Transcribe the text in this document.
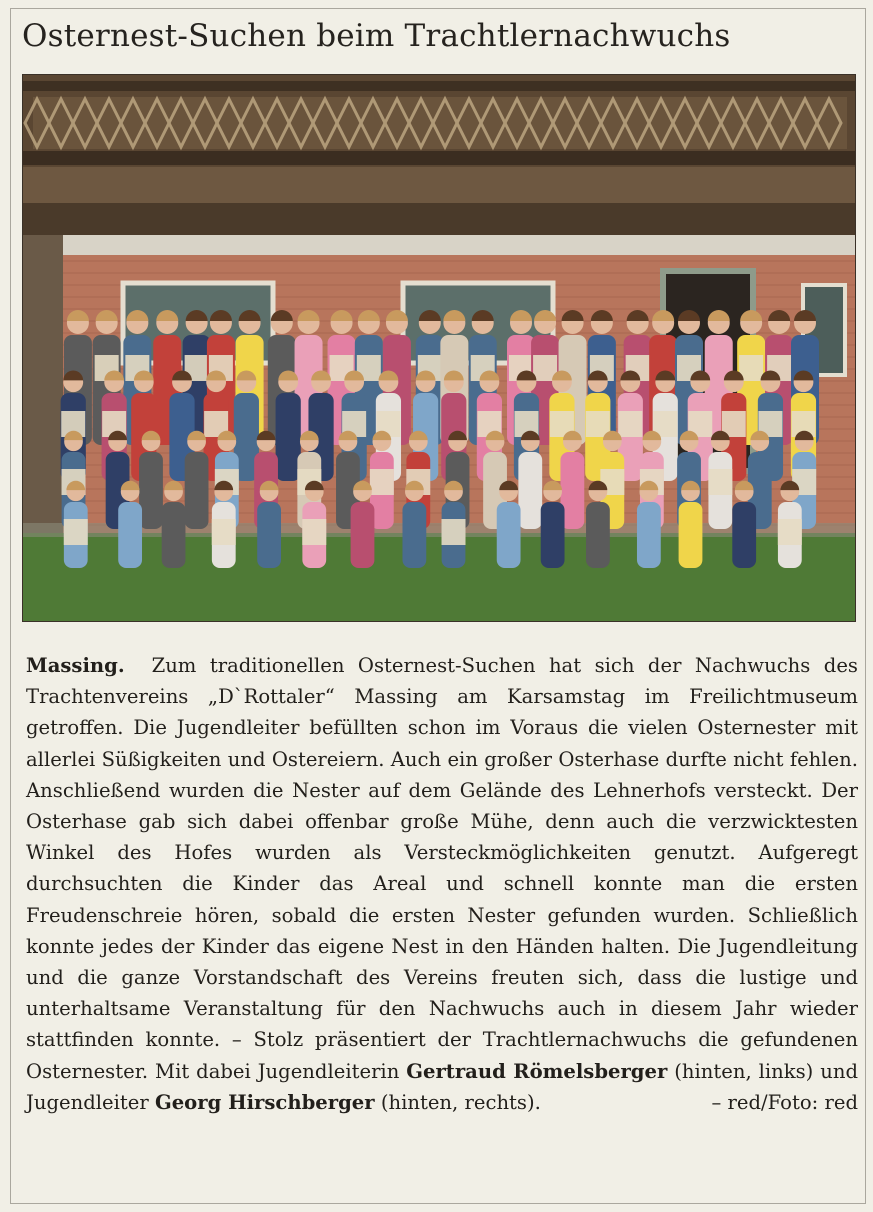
Osternest-Suchen beim Trachtlernachwuchs

Massing. Zum traditionellen Osternest-Suchen hat sich der Nachwuchs des Trachtenvereins „D`Rottaler“ Massing am Karsamstag im Freilichtmuseum getroffen. Die Jugendleiter befüllten schon im Voraus die vielen Osternester mit allerlei Süßigkeiten und Ostereiern. Auch ein großer Osterhase durfte nicht fehlen. Anschließend wurden die Nester auf dem Gelände des Lehnerhofs versteckt. Der Osterhase gab sich dabei offenbar große Mühe, denn auch die verzwicktesten Winkel des Hofes wurden als Versteckmöglichkeiten genutzt. Aufgeregt durchsuchten die Kinder das Areal und schnell konnte man die ersten Freudenschreie hören, sobald die ersten Nester gefunden wurden. Schließlich konnte jedes der Kinder das eigene Nest in den Händen halten. Die Jugendleitung und die ganze Vorstandschaft des Vereins freuten sich, dass die lustige und unterhaltsame Veranstaltung für den Nachwuchs auch in diesem Jahr wieder stattfinden konnte. – Stolz präsentiert der Trachtlernachwuchs die gefundenen Osternester. Mit dabei Jugendleiterin Gertraud Römelsberger (hinten, links) und Jugendleiter Georg Hirschberger (hinten, rechts).	– red/Foto: red
